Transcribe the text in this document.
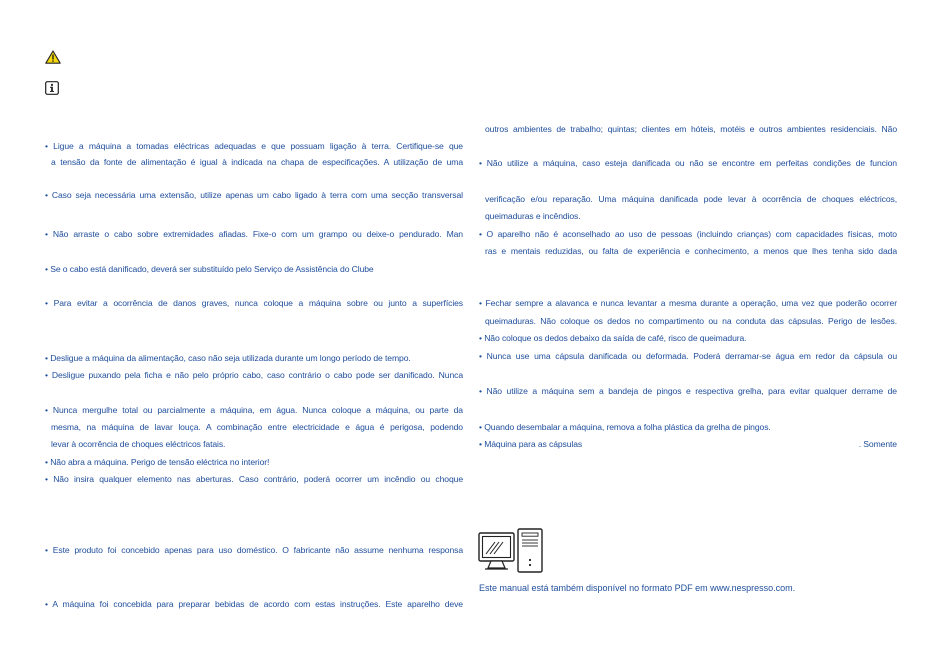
• Ligue a máquina a tomadas eléctricas adequadas e que possuam ligação à terra. Certifique-se que
a tensão da fonte de alimentação é igual à indicada na chapa de especificações. A utilização de uma
• Caso seja necessária uma extensão, utilize apenas um cabo ligado à terra com uma secção transversal
• Não arraste o cabo sobre extremidades afiadas. Fixe-o com um grampo ou deixe-o pendurado. Man
• Se o cabo está danificado, deverá ser substituído pelo Serviço de Assistência do Clube
• Para evitar a ocorrência de danos graves, nunca coloque a máquina sobre ou junto a superfícies
• Desligue a máquina da alimentação, caso não seja utilizada durante um longo período de tempo.
• Desligue puxando pela ficha e não pelo próprio cabo, caso contrário o cabo pode ser danificado. Nunca
• Nunca mergulhe total ou parcialmente a máquina, em água. Nunca coloque a máquina, ou parte da
mesma, na máquina de lavar louça. A combinação entre electricidade e água é perigosa, podendo
levar à ocorrência de choques eléctricos fatais.
• Não abra a máquina. Perigo de tensão eléctrica no interior!
• Não insira qualquer elemento nas aberturas. Caso contrário, poderá ocorrer um incêndio ou choque
• Este produto foi concebido apenas para uso doméstico. O fabricante não assume nenhuma responsa
• A máquina foi concebida para preparar bebidas de acordo com estas instruções. Este aparelho deve
outros ambientes de trabalho; quintas; clientes em hóteis, motéis e outros ambientes residenciais. Não
• Não utilize a máquina, caso esteja danificada ou não se encontre em perfeitas condições de funcion
verificação e/ou reparação. Uma máquina danificada pode levar à ocorrência de choques eléctricos,
queimaduras e incêndios.
• O aparelho não é aconselhado ao uso de pessoas (incluindo crianças) com capacidades físicas, moto
ras e mentais reduzidas, ou falta de experiência e conhecimento, a menos que lhes tenha sido dada
• Fechar sempre a alavanca e nunca levantar a mesma durante a operação, uma vez que poderão ocorrer
queimaduras. Não coloque os dedos no compartimento ou na conduta das cápsulas. Perigo de lesões.
• Não coloque os dedos debaixo da saída de café, risco de queimadura.
• Nunca use uma cápsula danificada ou deformada. Poderá derramar-se água em redor da cápsula ou
• Não utilize a máquina sem a bandeja de pingos e respectiva grelha, para evitar qualquer derrame de
• Quando desembalar a máquina, remova a folha plástica da grelha de pingos.
• Máquina para as cápsulas	. Somente
Este manual está também disponível no formato PDF em www.nespresso.com.
